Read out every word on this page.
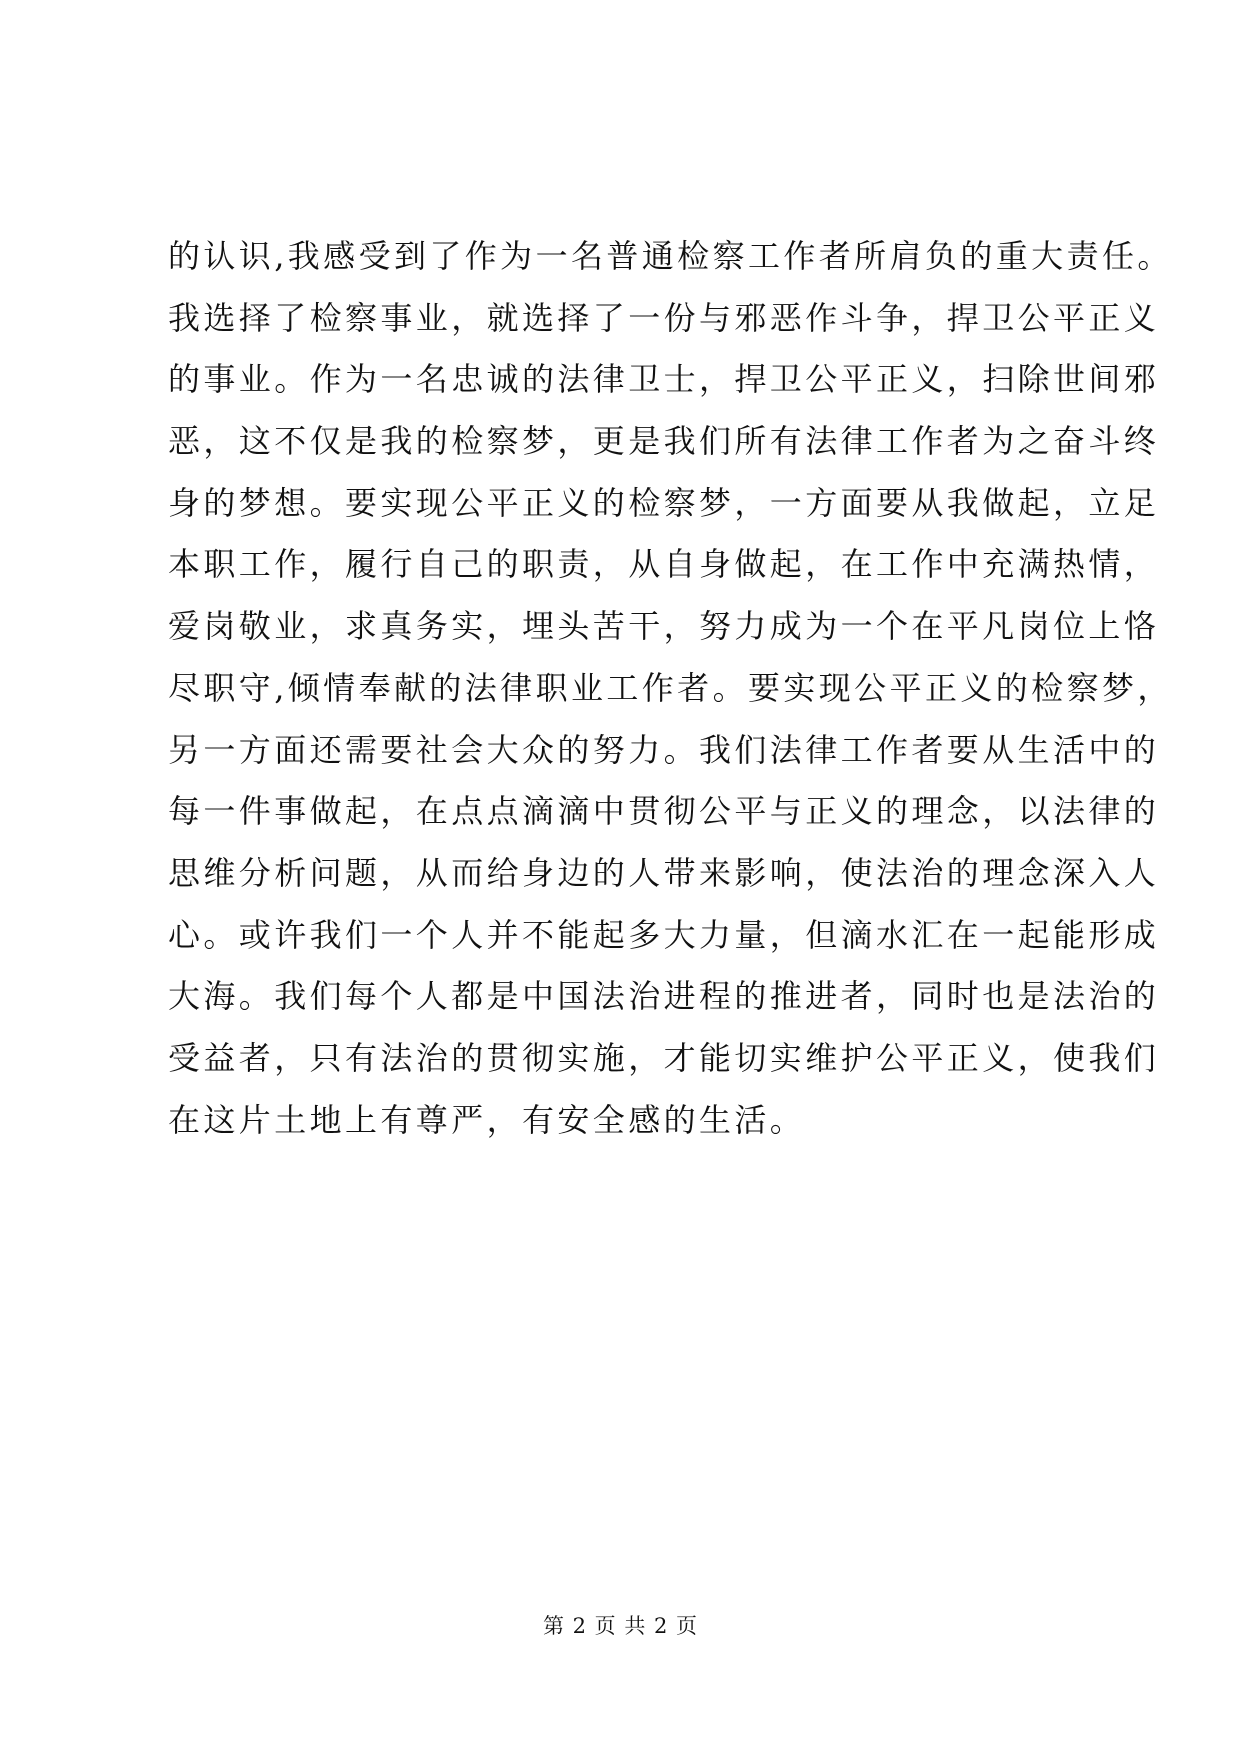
的认识,我感受到了作为一名普通检察工作者所肩负的重大责任。
我选择了检察事业，就选择了一份与邪恶作斗争，捍卫公平正义
的事业。作为一名忠诚的法律卫士，捍卫公平正义，扫除世间邪
恶，这不仅是我的检察梦，更是我们所有法律工作者为之奋斗终
身的梦想。要实现公平正义的检察梦，一方面要从我做起，立足
本职工作，履行自己的职责，从自身做起，在工作中充满热情，
爱岗敬业，求真务实，埋头苦干，努力成为一个在平凡岗位上恪
尽职守,倾情奉献的法律职业工作者。要实现公平正义的检察梦，
另一方面还需要社会大众的努力。我们法律工作者要从生活中的
每一件事做起，在点点滴滴中贯彻公平与正义的理念，以法律的
思维分析问题，从而给身边的人带来影响，使法治的理念深入人
心。或许我们一个人并不能起多大力量，但滴水汇在一起能形成
大海。我们每个人都是中国法治进程的推进者，同时也是法治的
受益者，只有法治的贯彻实施，才能切实维护公平正义，使我们
在这片土地上有尊严，有安全感的生活。
第 2 页 共 2 页
